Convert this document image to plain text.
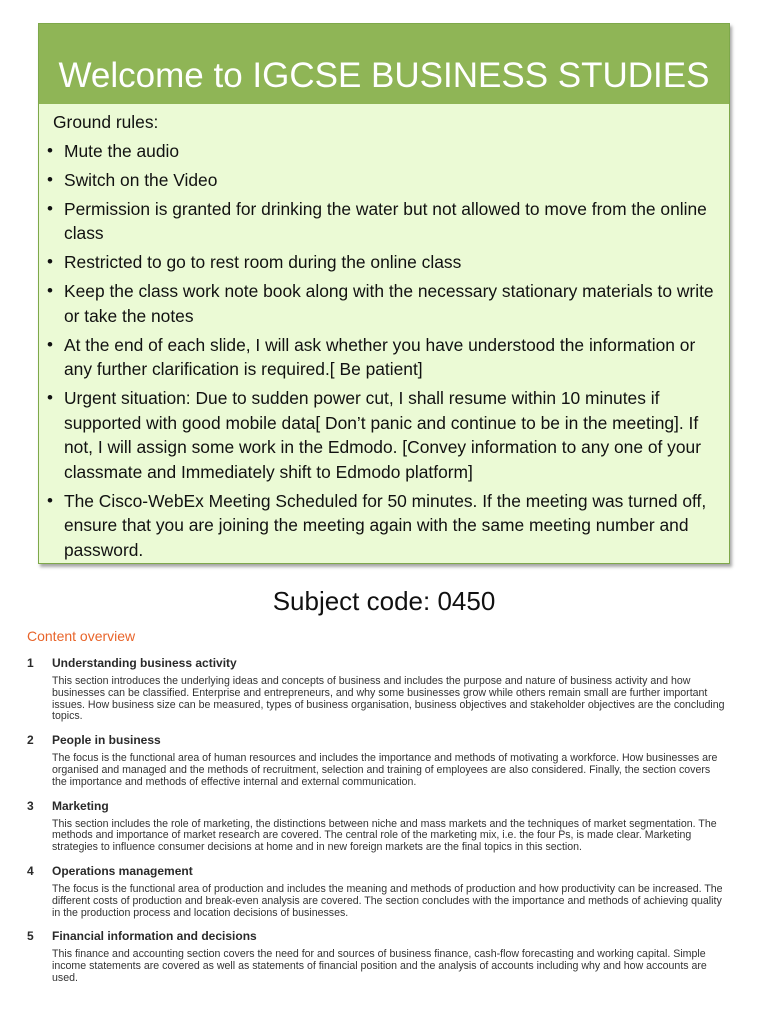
Welcome to IGCSE BUSINESS STUDIES
Ground rules:
• Mute the audio
• Switch on the Video
• Permission is granted for drinking the water but not allowed to move from the online class
• Restricted to go to rest room during the online class
• Keep the class work note book along with the necessary stationary materials to write or take the notes
• At the end of each slide, I will ask whether you have understood the information or any further clarification is required.[ Be patient]
• Urgent situation: Due to sudden power cut, I shall resume within 10 minutes if supported with good mobile data[ Don’t panic and continue to be in the meeting]. If not, I will assign some work in the Edmodo. [Convey information to any one of your classmate and Immediately shift to Edmodo platform]
• The Cisco-WebEx Meeting Scheduled for 50 minutes. If the meeting was turned off, ensure that you are joining the meeting again with the same meeting number and password.
Subject code: 0450
Content overview
1	Understanding business activity
This section introduces the underlying ideas and concepts of business and includes the purpose and nature of business activity and how businesses can be classified. Enterprise and entrepreneurs, and why some businesses grow while others remain small are further important issues. How business size can be measured, types of business organisation, business objectives and stakeholder objectives are the concluding topics.
2	People in business
The focus is the functional area of human resources and includes the importance and methods of motivating a workforce. How businesses are organised and managed and the methods of recruitment, selection and training of employees are also considered. Finally, the section covers the importance and methods of effective internal and external communication.
3	Marketing
This section includes the role of marketing, the distinctions between niche and mass markets and the techniques of market segmentation. The methods and importance of market research are covered. The central role of the marketing mix, i.e. the four Ps, is made clear. Marketing strategies to influence consumer decisions at home and in new foreign markets are the final topics in this section.
4	Operations management
The focus is the functional area of production and includes the meaning and methods of production and how productivity can be increased. The different costs of production and break-even analysis are covered. The section concludes with the importance and methods of achieving quality in the production process and location decisions of businesses.
5	Financial information and decisions
This finance and accounting section covers the need for and sources of business finance, cash-flow forecasting and working capital. Simple income statements are covered as well as statements of financial position and the analysis of accounts including why and how accounts are used.
